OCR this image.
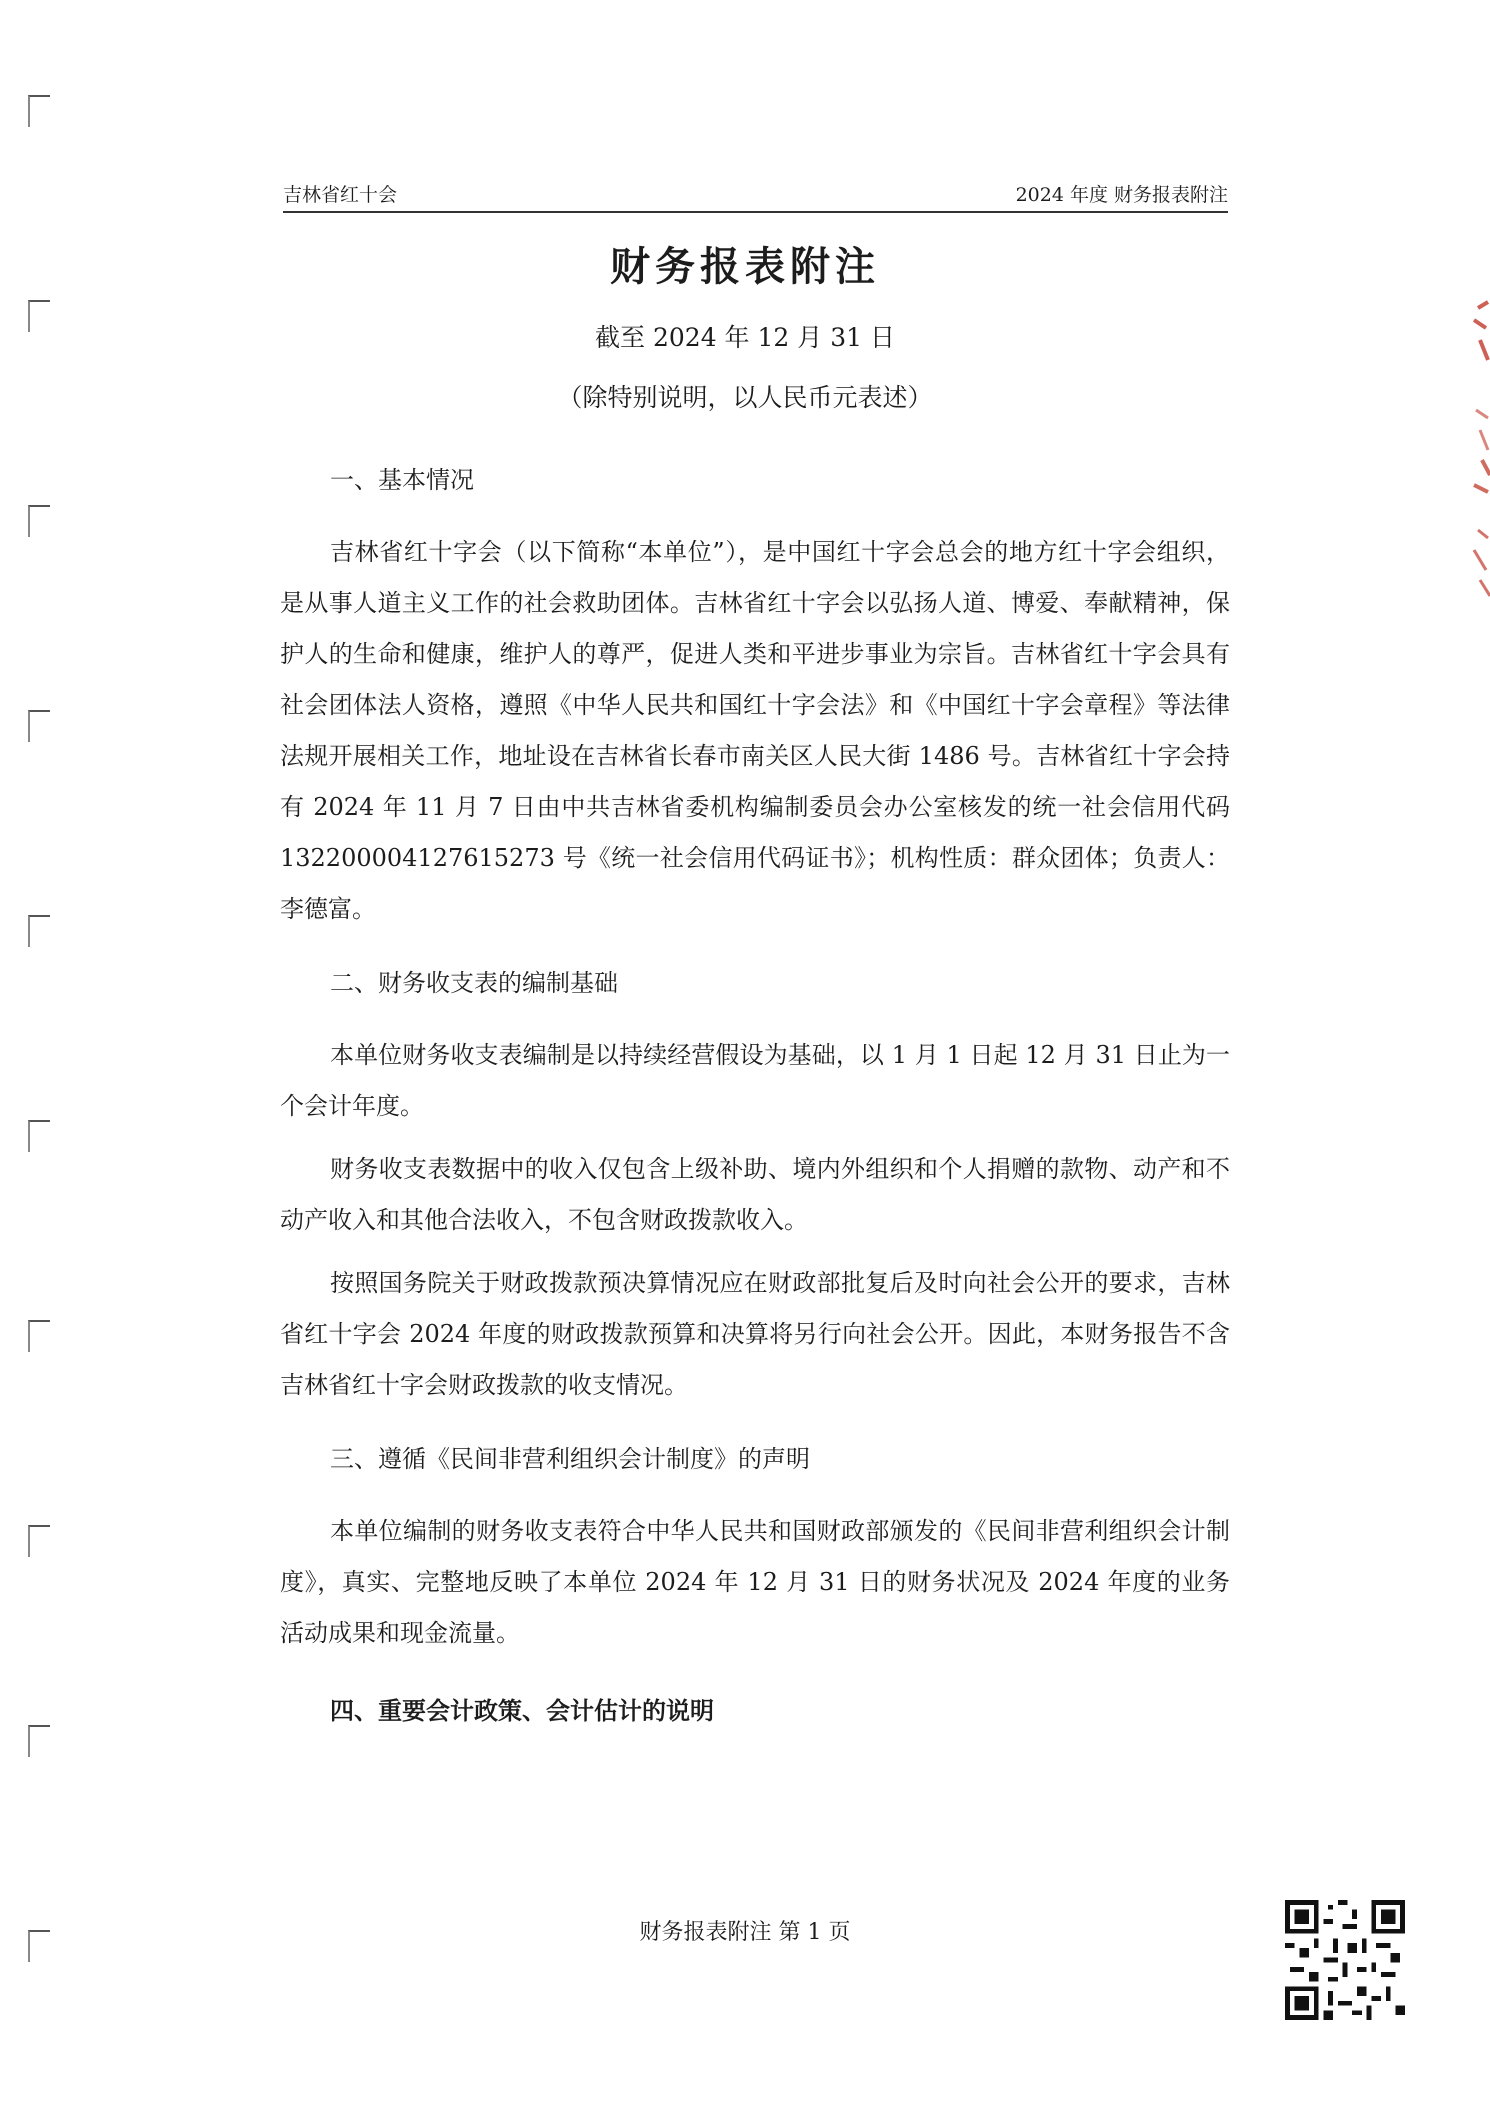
吉林省红十会	2024 年度 财务报表附注
财务报表附注
截至 2024 年 12 月 31 日
（除特别说明，以人民币元表述）
一、基本情况

吉林省红十字会（以下简称“本单位”），是中国红十字会总会的地方红十字会组织，是从事人道主义工作的社会救助团体。吉林省红十字会以弘扬人道、博爱、奉献精神，保护人的生命和健康，维护人的尊严，促进人类和平进步事业为宗旨。吉林省红十字会具有社会团体法人资格，遵照《中华人民共和国红十字会法》和《中国红十字会章程》等法律法规开展相关工作，地址设在吉林省长春市南关区人民大街 1486 号。吉林省红十字会持有 2024 年 11 月 7 日由中共吉林省委机构编制委员会办公室核发的统一社会信用代码 132200004127615273 号《统一社会信用代码证书》；机构性质：群众团体；负责人：李德富。

二、财务收支表的编制基础

本单位财务收支表编制是以持续经营假设为基础，以 1 月 1 日起 12 月 31 日止为一个会计年度。

财务收支表数据中的收入仅包含上级补助、境内外组织和个人捐赠的款物、动产和不动产收入和其他合法收入，不包含财政拨款收入。

按照国务院关于财政拨款预决算情况应在财政部批复后及时向社会公开的要求，吉林省红十字会 2024 年度的财政拨款预算和决算将另行向社会公开。因此，本财务报告不含吉林省红十字会财政拨款的收支情况。

三、遵循《民间非营利组织会计制度》的声明

本单位编制的财务收支表符合中华人民共和国财政部颁发的《民间非营利组织会计制度》，真实、完整地反映了本单位 2024 年 12 月 31 日的财务状况及 2024 年度的业务活动成果和现金流量。

四、重要会计政策、会计估计的说明
财务报表附注 第 1 页
